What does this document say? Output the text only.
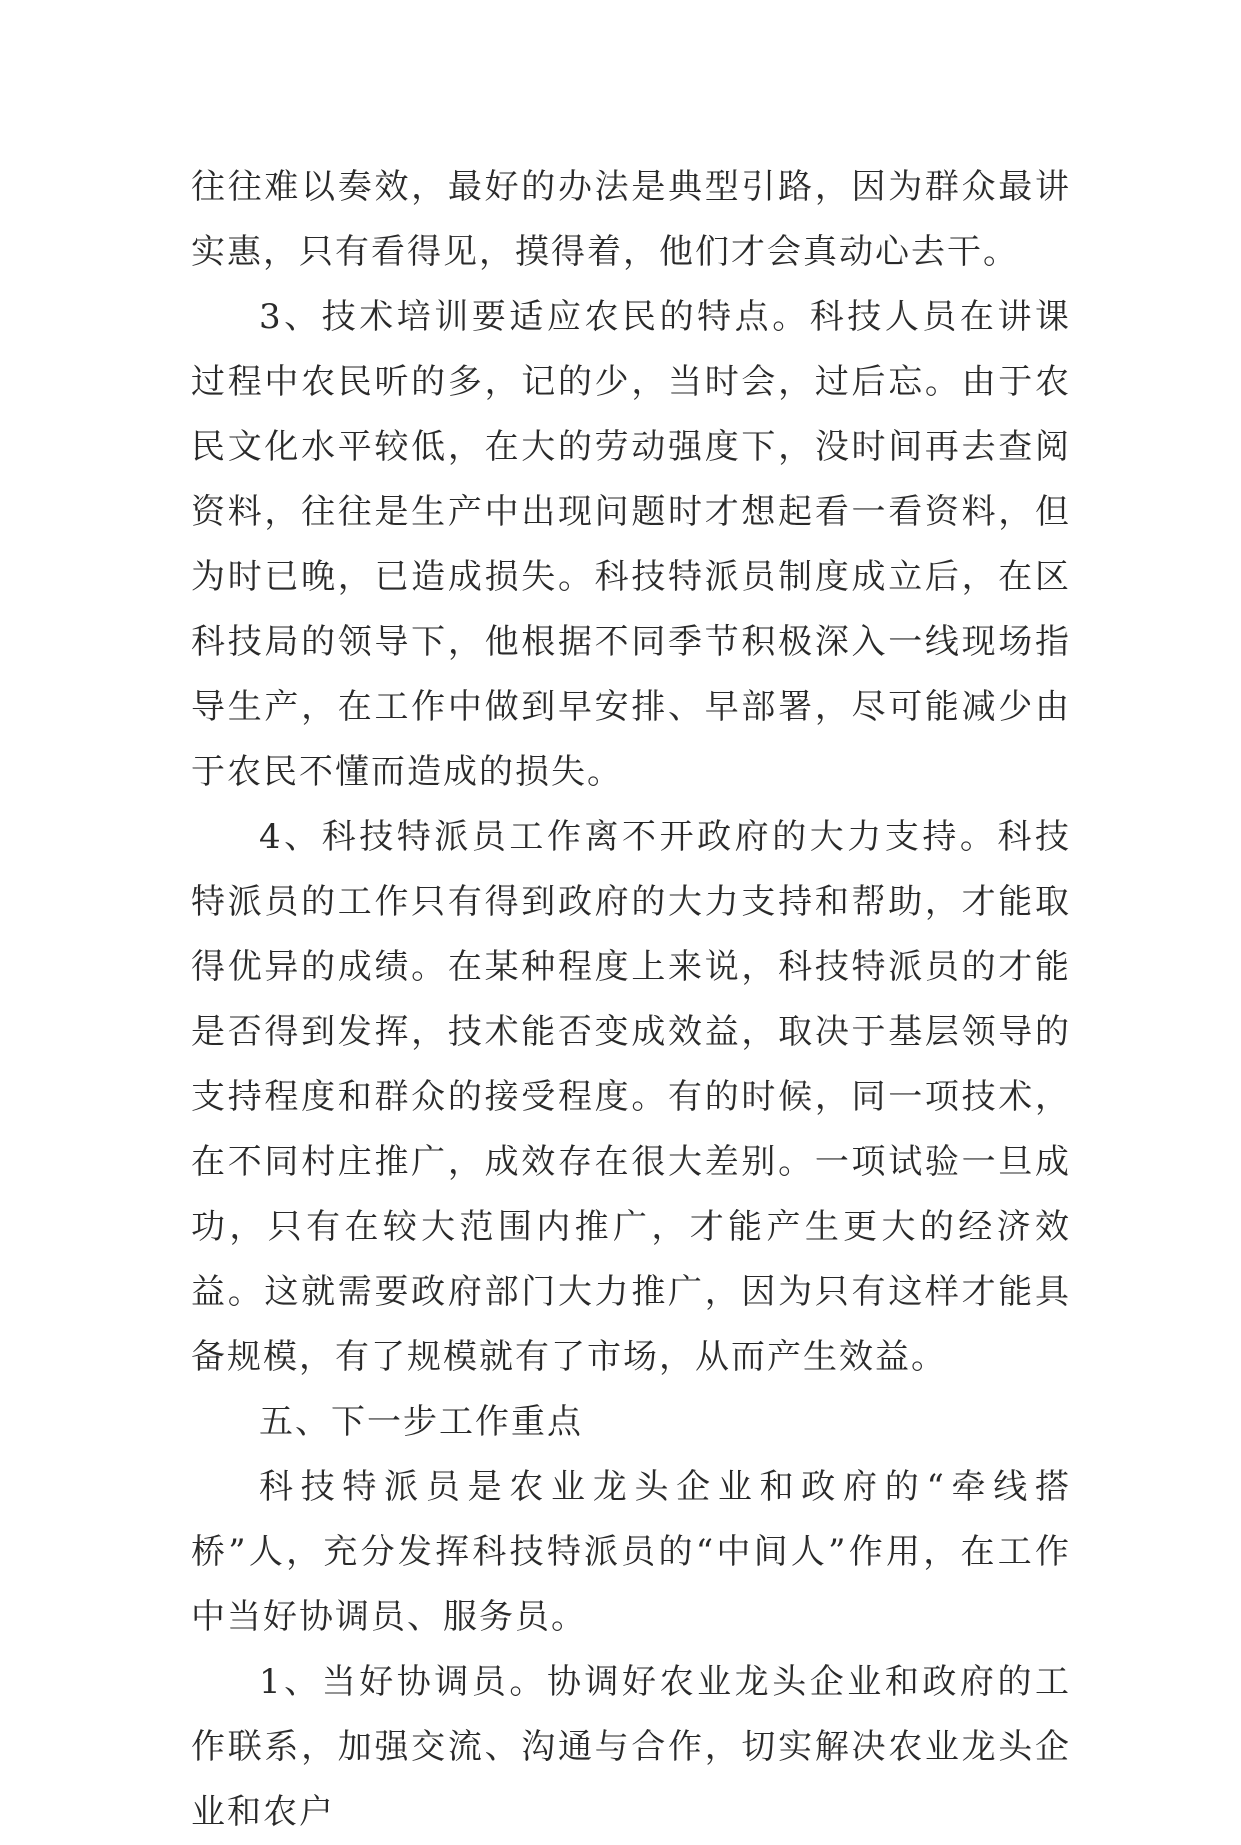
往往难以奏效，最好的办法是典型引路，因为群众最讲实惠，只有看得见，摸得着，他们才会真动心去干。

3、技术培训要适应农民的特点。科技人员在讲课过程中农民听的多，记的少，当时会，过后忘。由于农民文化水平较低，在大的劳动强度下，没时间再去查阅资料，往往是生产中出现问题时才想起看一看资料，但为时已晚，已造成损失。科技特派员制度成立后，在区科技局的领导下，他根据不同季节积极深入一线现场指导生产，在工作中做到早安排、早部署，尽可能减少由于农民不懂而造成的损失。

4、科技特派员工作离不开政府的大力支持。科技特派员的工作只有得到政府的大力支持和帮助，才能取得优异的成绩。在某种程度上来说，科技特派员的才能是否得到发挥，技术能否变成效益，取决于基层领导的支持程度和群众的接受程度。有的时候，同一项技术，在不同村庄推广，成效存在很大差别。一项试验一旦成功，只有在较大范围内推广，才能产生更大的经济效益。这就需要政府部门大力推广，因为只有这样才能具备规模，有了规模就有了市场，从而产生效益。

五、下一步工作重点

科技特派员是农业龙头企业和政府的“牵线搭桥”人，充分发挥科技特派员的“中间人”作用，在工作中当好协调员、服务员。

1、当好协调员。协调好农业龙头企业和政府的工作联系，加强交流、沟通与合作，切实解决农业龙头企业和农户
